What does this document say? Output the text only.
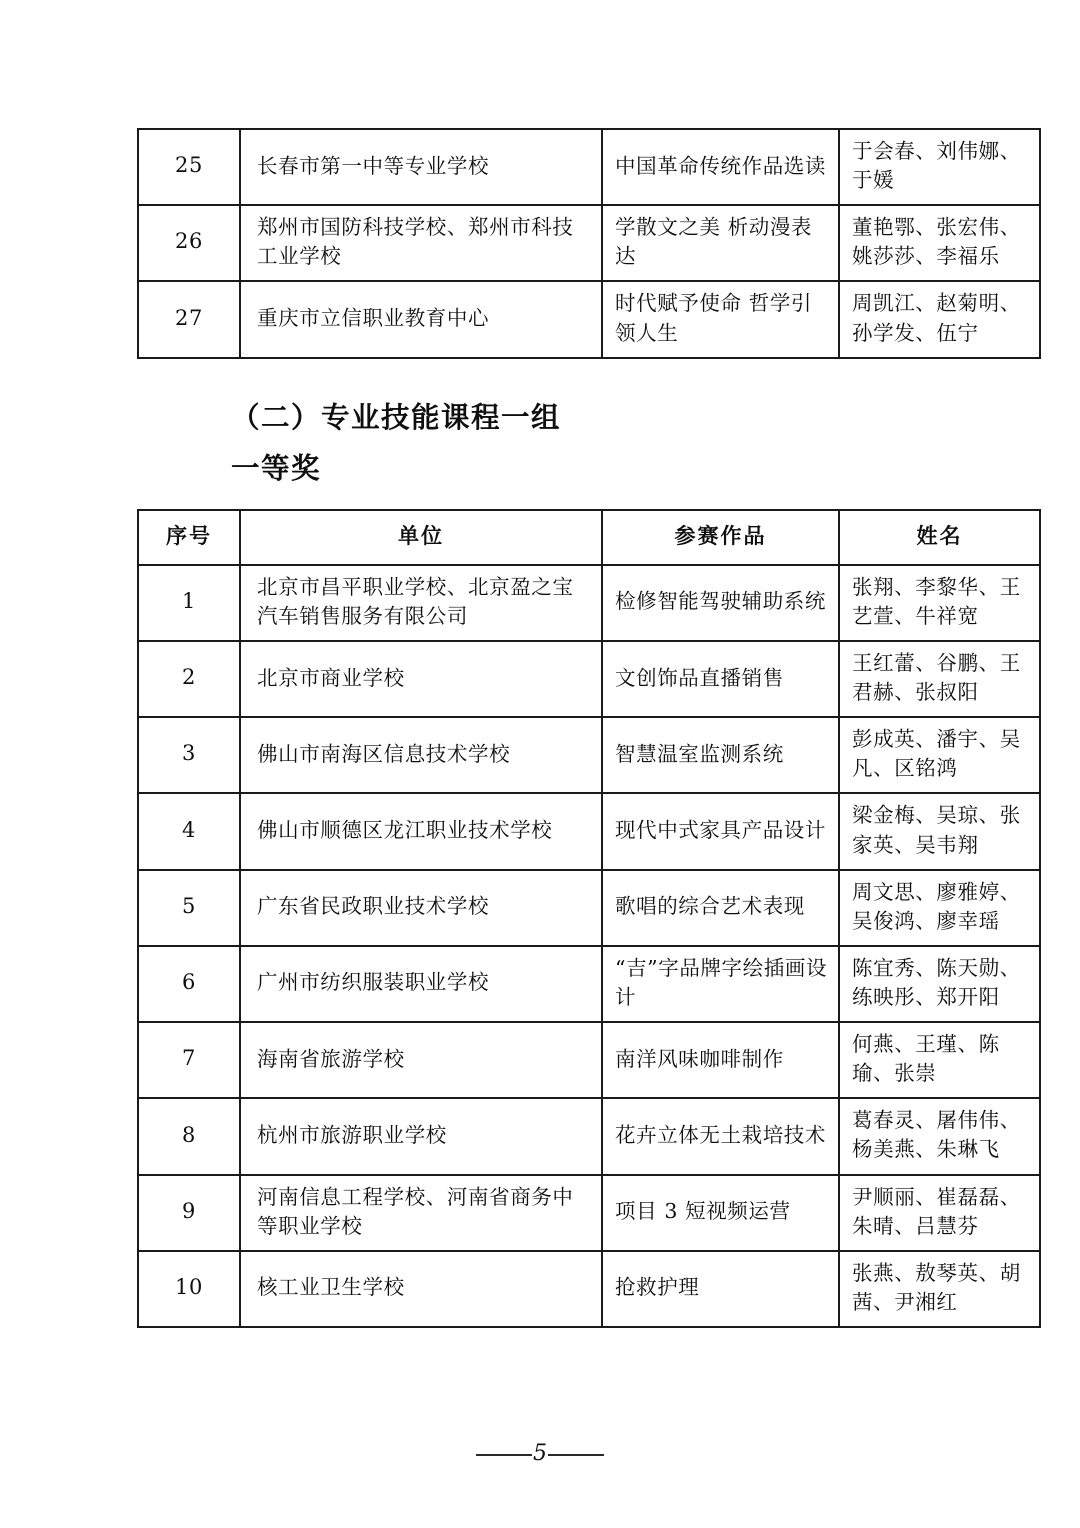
25	长春市第一中等专业学校	中国革命传统作品选读	于会春、刘伟娜、于媛
26	郑州市国防科技学校、郑州市科技工业学校	学散文之美 析动漫表达	董艳鄂、张宏伟、姚莎莎、李福乐
27	重庆市立信职业教育中心	时代赋予使命 哲学引领人生	周凯江、赵菊明、孙学发、伍宁
（二）专业技能课程一组
一等奖
序号	单位	参赛作品	姓名
1	北京市昌平职业学校、北京盈之宝汽车销售服务有限公司	检修智能驾驶辅助系统	张翔、李黎华、王艺萱、牛祥宽
2	北京市商业学校	文创饰品直播销售	王红蕾、谷鹏、王君赫、张叔阳
3	佛山市南海区信息技术学校	智慧温室监测系统	彭成英、潘宇、吴凡、区铭鸿
4	佛山市顺德区龙江职业技术学校	现代中式家具产品设计	梁金梅、吴琼、张家英、吴韦翔
5	广东省民政职业技术学校	歌唱的综合艺术表现	周文思、廖雅婷、吴俊鸿、廖幸瑶
6	广州市纺织服装职业学校	“吉”字品牌字绘插画设计	陈宜秀、陈天勋、练映彤、郑开阳
7	海南省旅游学校	南洋风味咖啡制作	何燕、王瑾、陈瑜、张崇
8	杭州市旅游职业学校	花卉立体无土栽培技术	葛春灵、屠伟伟、杨美燕、朱琳飞
9	河南信息工程学校、河南省商务中等职业学校	项目 3 短视频运营	尹顺丽、崔磊磊、朱晴、吕慧芬
10	核工业卫生学校	抢救护理	张燕、敖琴英、胡茜、尹湘红
5
